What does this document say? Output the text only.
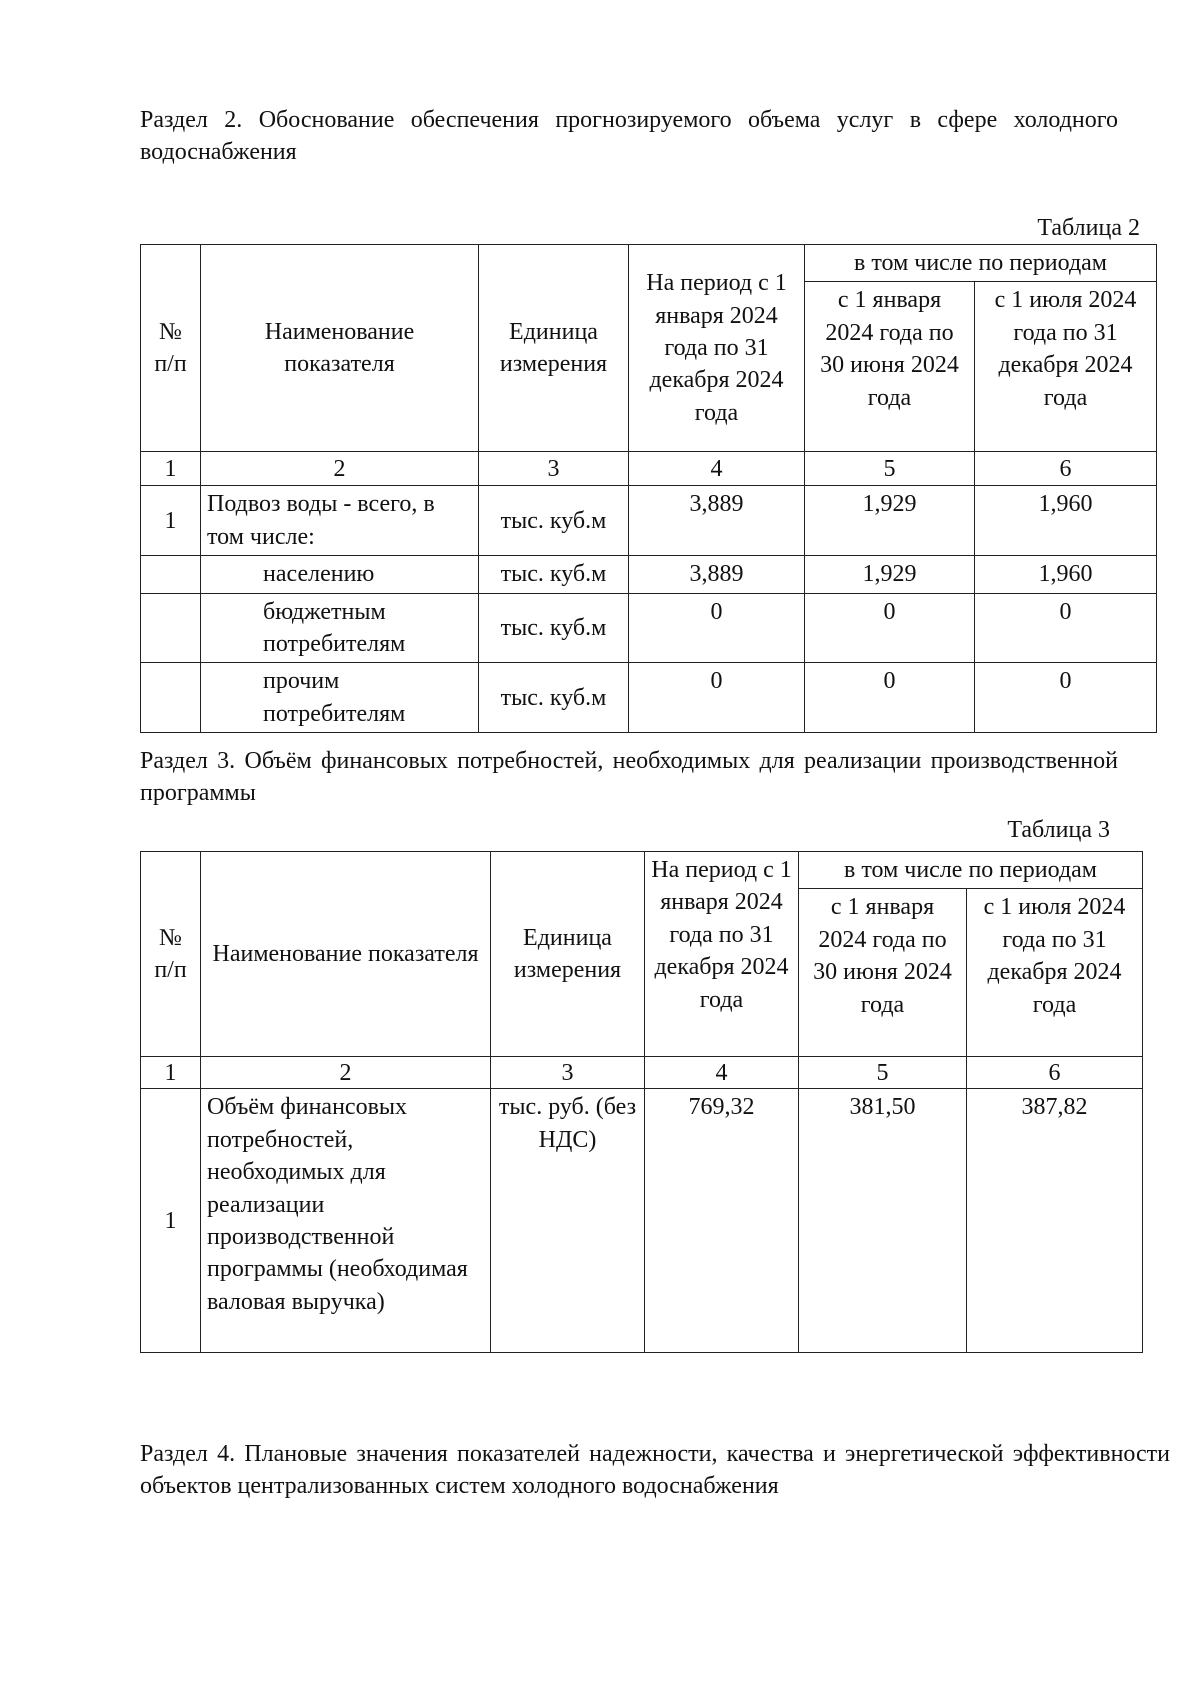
Раздел 2. Обоснование обеспечения прогнозируемого объема услуг в сфере холодного водоснабжения
Таблица 2
№ п/п	Наименование показателя	Единица измерения	На период с 1 января 2024 года по 31 декабря 2024 года	в том числе по периодам	
				с 1 января 2024 года по 30 июня 2024 года	с 1 июля 2024 года по 31 декабря 2024 года
1	2	3	4	5	6
1	Подвоз воды - всего, в том числе:	тыс. куб.м	3,889	1,929	1,960
	населению	тыс. куб.м	3,889	1,929	1,960
	бюджетным потребителям	тыс. куб.м	0	0	0
	прочим потребителям	тыс. куб.м	0	0	0
Раздел 3. Объём финансовых потребностей, необходимых для реализации производственной программы
Таблица 3
№ п/п	Наименование показателя	Единица измерения	На период с 1 января 2024 года по 31 декабря 2024 года	в том числе по периодам	
				с 1 января 2024 года по 30 июня 2024 года	с 1 июля 2024 года по 31 декабря 2024 года
1	2	3	4	5	6
1	Объём финансовых потребностей, необходимых для реализации производственной программы (необходимая валовая выручка)	тыс. руб. (без НДС)	769,32	381,50	387,82
Раздел 4. Плановые значения показателей надежности, качества и энергетической эффективности объектов централизованных систем холодного водоснабжения
